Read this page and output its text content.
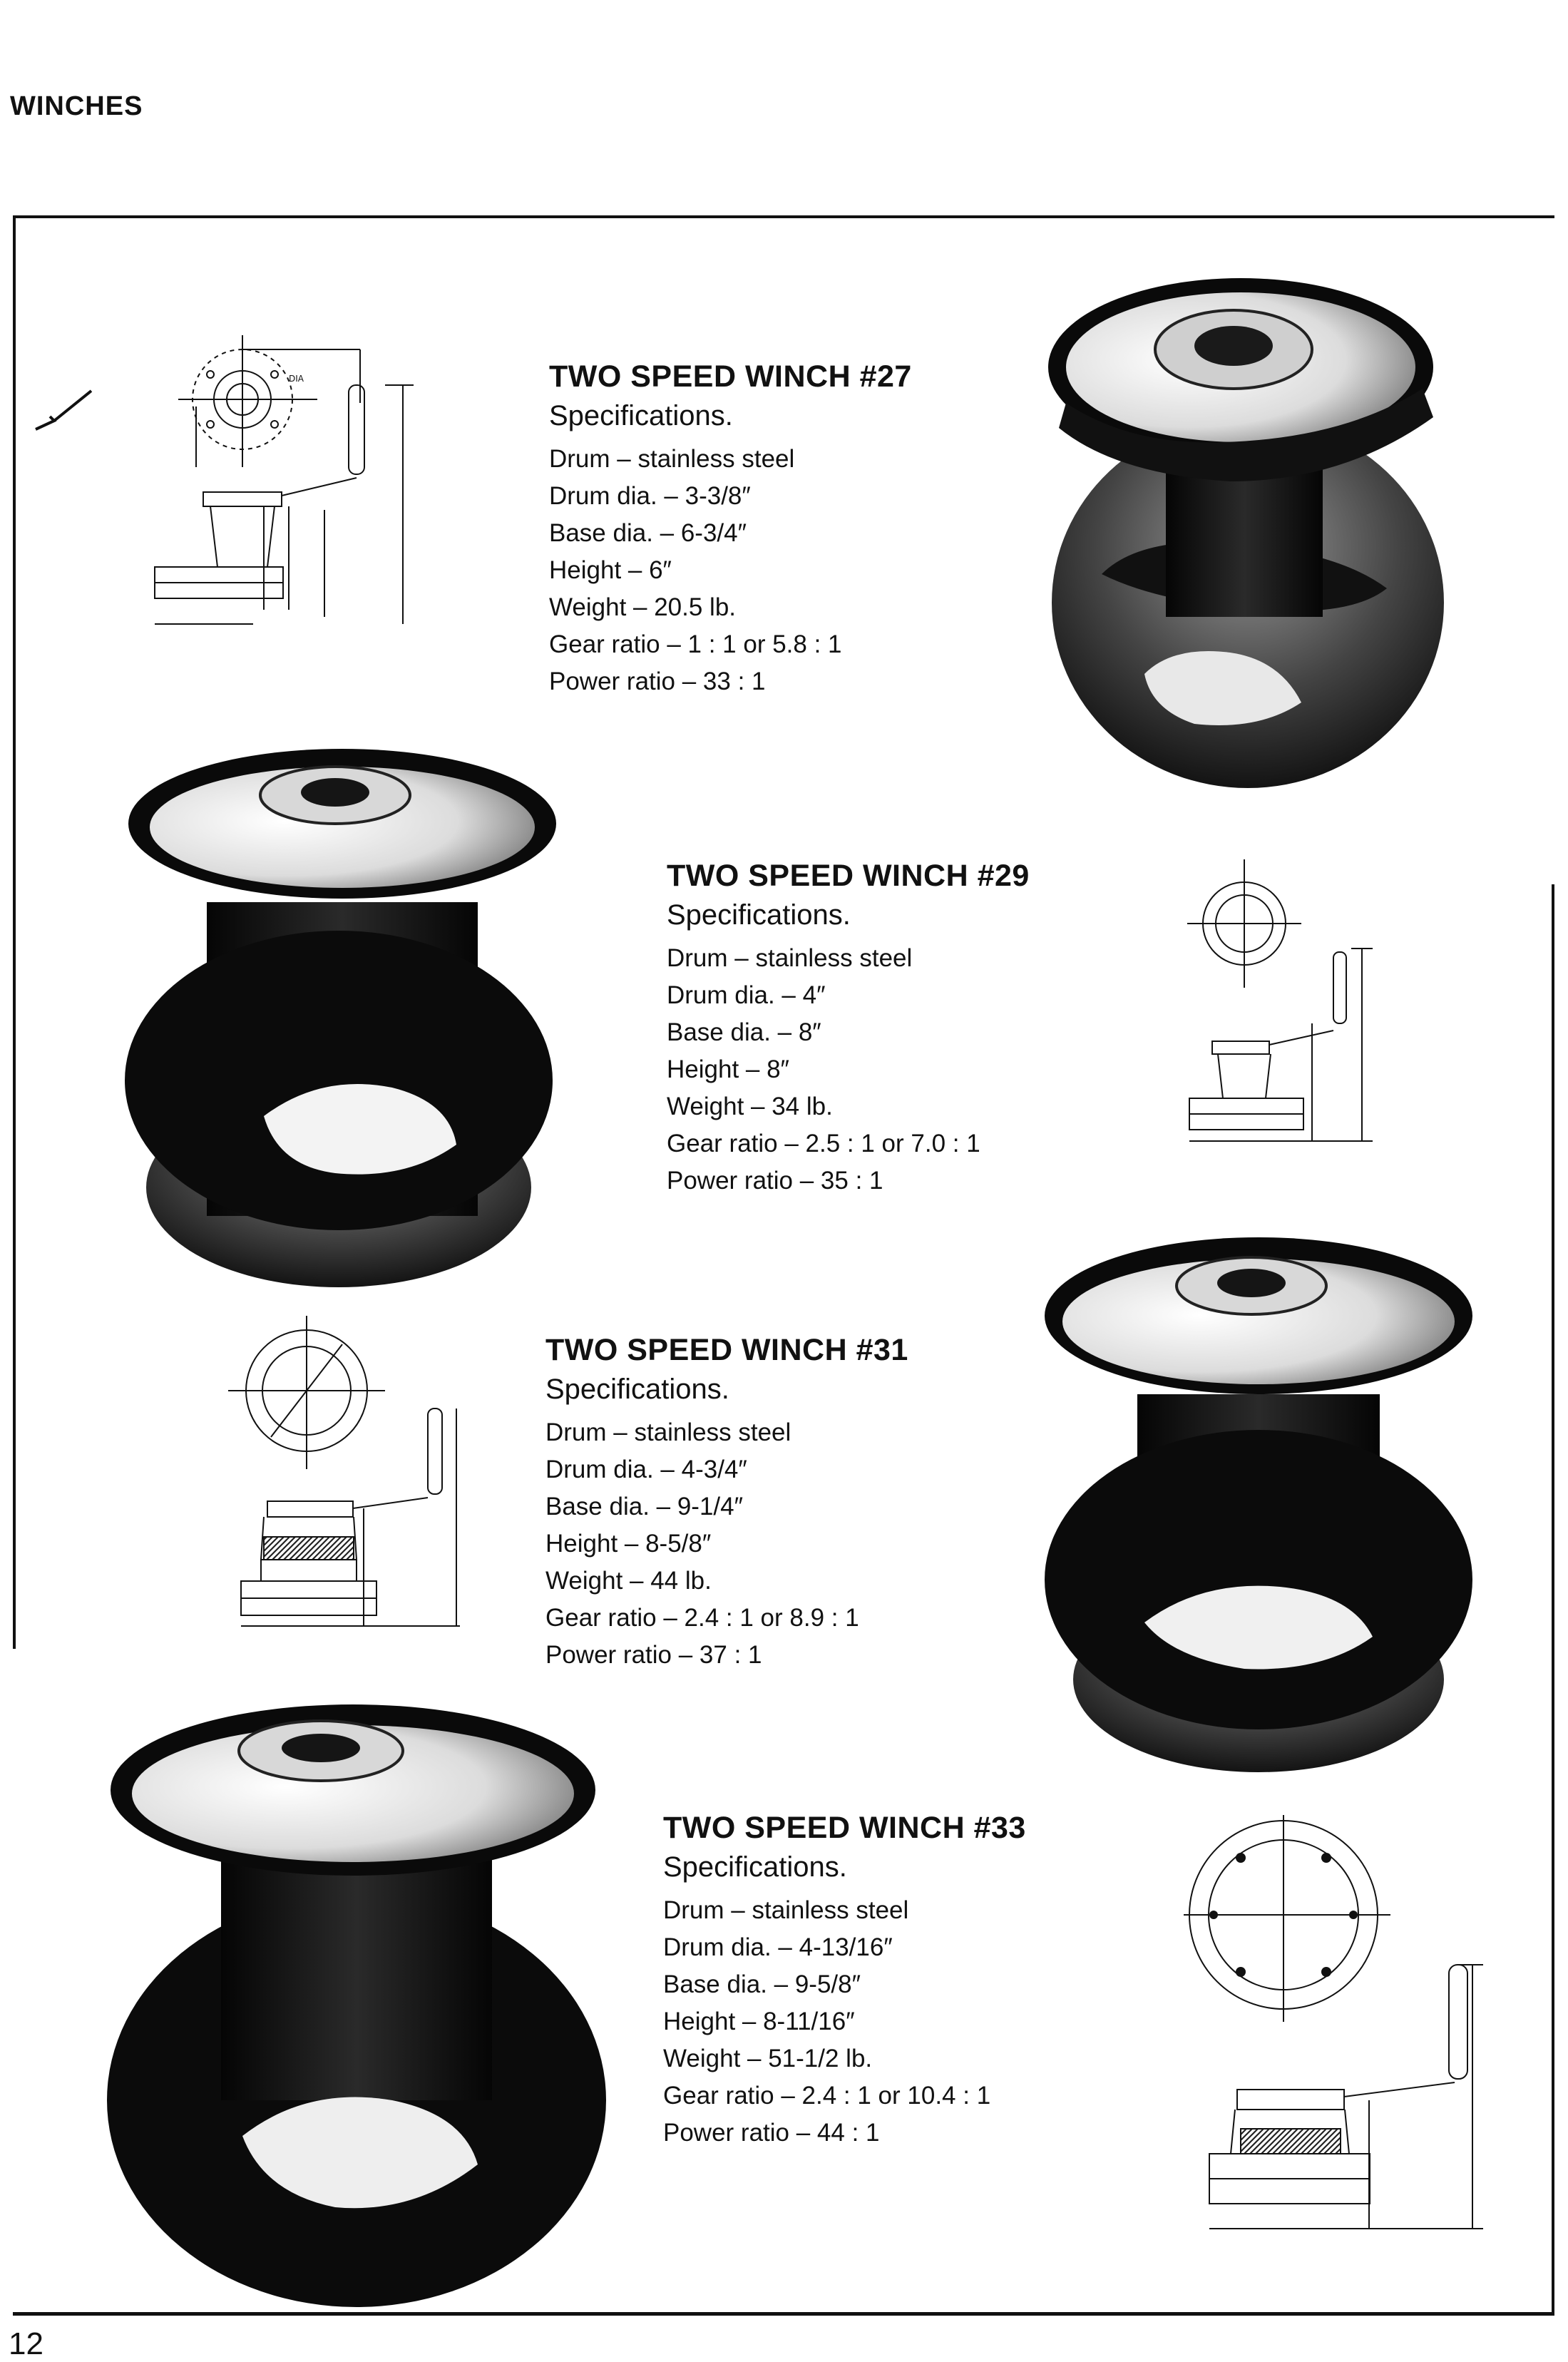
WINCHES
12
DIA	TWO SPEED WINCH #27
Specifications.
Drum – stainless steel
Drum dia. – 3-3/8″
Base dia. – 6-3/4″
Height – 6″
Weight – 20.5 lb.
Gear ratio – 1 : 1 or 5.8 : 1
Power ratio – 33 : 1
TWO SPEED WINCH #29
Specifications.
Drum – stainless steel
Drum dia. – 4″
Base dia. – 8″
Height – 8″
Weight – 34 lb.
Gear ratio – 2.5 : 1 or 7.0 : 1
Power ratio – 35 : 1
TWO SPEED WINCH #31
Specifications.
Drum – stainless steel
Drum dia. – 4-3/4″
Base dia. – 9-1/4″
Height – 8-5/8″
Weight – 44 lb.
Gear ratio – 2.4 : 1 or 8.9 : 1
Power ratio – 37 : 1
TWO SPEED WINCH #33
Specifications.
Drum – stainless steel
Drum dia. – 4-13/16″
Base dia. – 9-5/8″
Height – 8-11/16″
Weight – 51-1/2 lb.
Gear ratio – 2.4 : 1 or 10.4 : 1
Power ratio – 44 : 1
